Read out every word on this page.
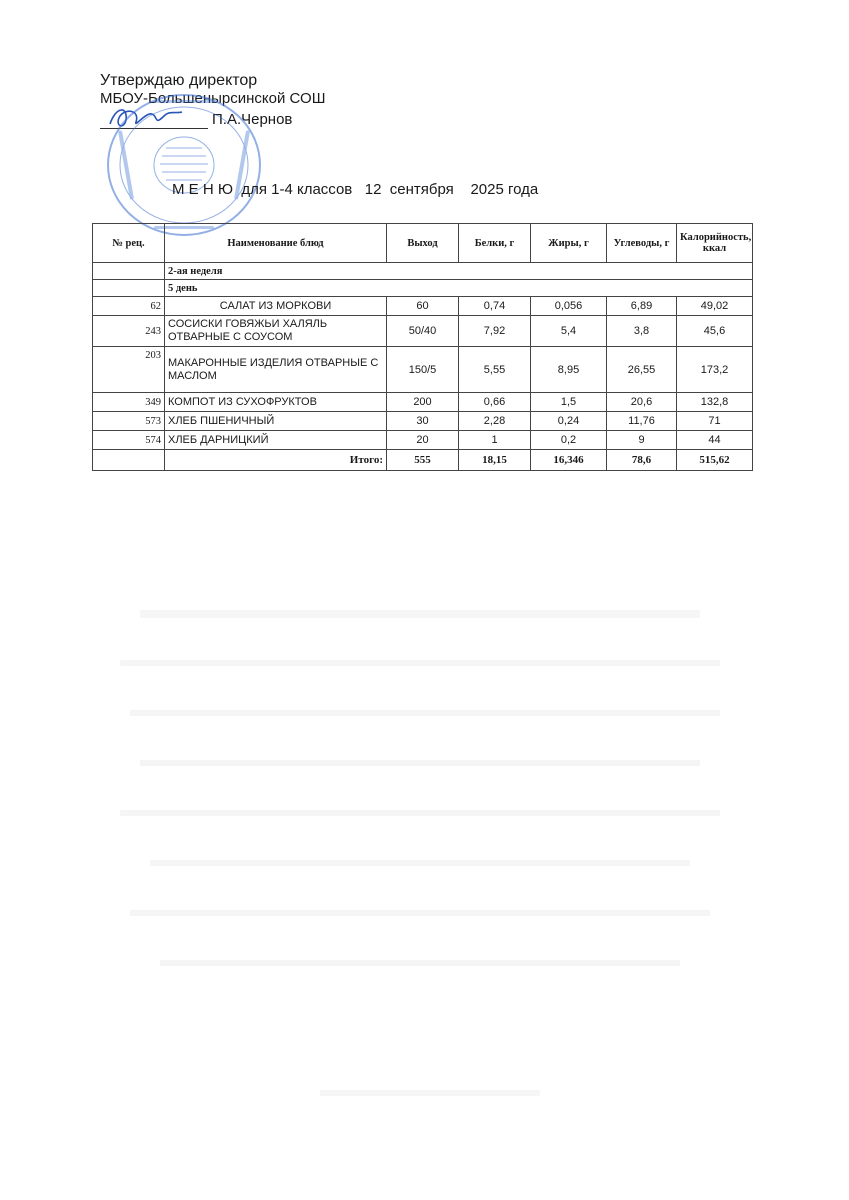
Утверждаю директор
МБОУ-Большенырсинской СОШ
П.А.Чернов
М Е Н Ю  для 1-4 классов   12  сентября    2025 года
№ рец.	Наименование блюд	Выход	Белки, г	Жиры, г	Углеводы, г	Калорийность, ккал
	2-ая неделя					
	5 день					
62	САЛАТ ИЗ МОРКОВИ	60	0,74	0,056	6,89	49,02
243	СОСИСКИ ГОВЯЖЬИ ХАЛЯЛЬ ОТВАРНЫЕ С СОУСОМ	50/40	7,92	5,4	3,8	45,6
203	МАКАРОННЫЕ ИЗДЕЛИЯ ОТВАРНЫЕ С МАСЛОМ	150/5	5,55	8,95	26,55	173,2
349	КОМПОТ ИЗ СУХОФРУКТОВ	200	0,66	1,5	20,6	132,8
573	ХЛЕБ ПШЕНИЧНЫЙ	30	2,28	0,24	11,76	71
574	ХЛЕБ ДАРНИЦКИЙ	20	1	0,2	9	44
	Итого:	555	18,15	16,346	78,6	515,62
